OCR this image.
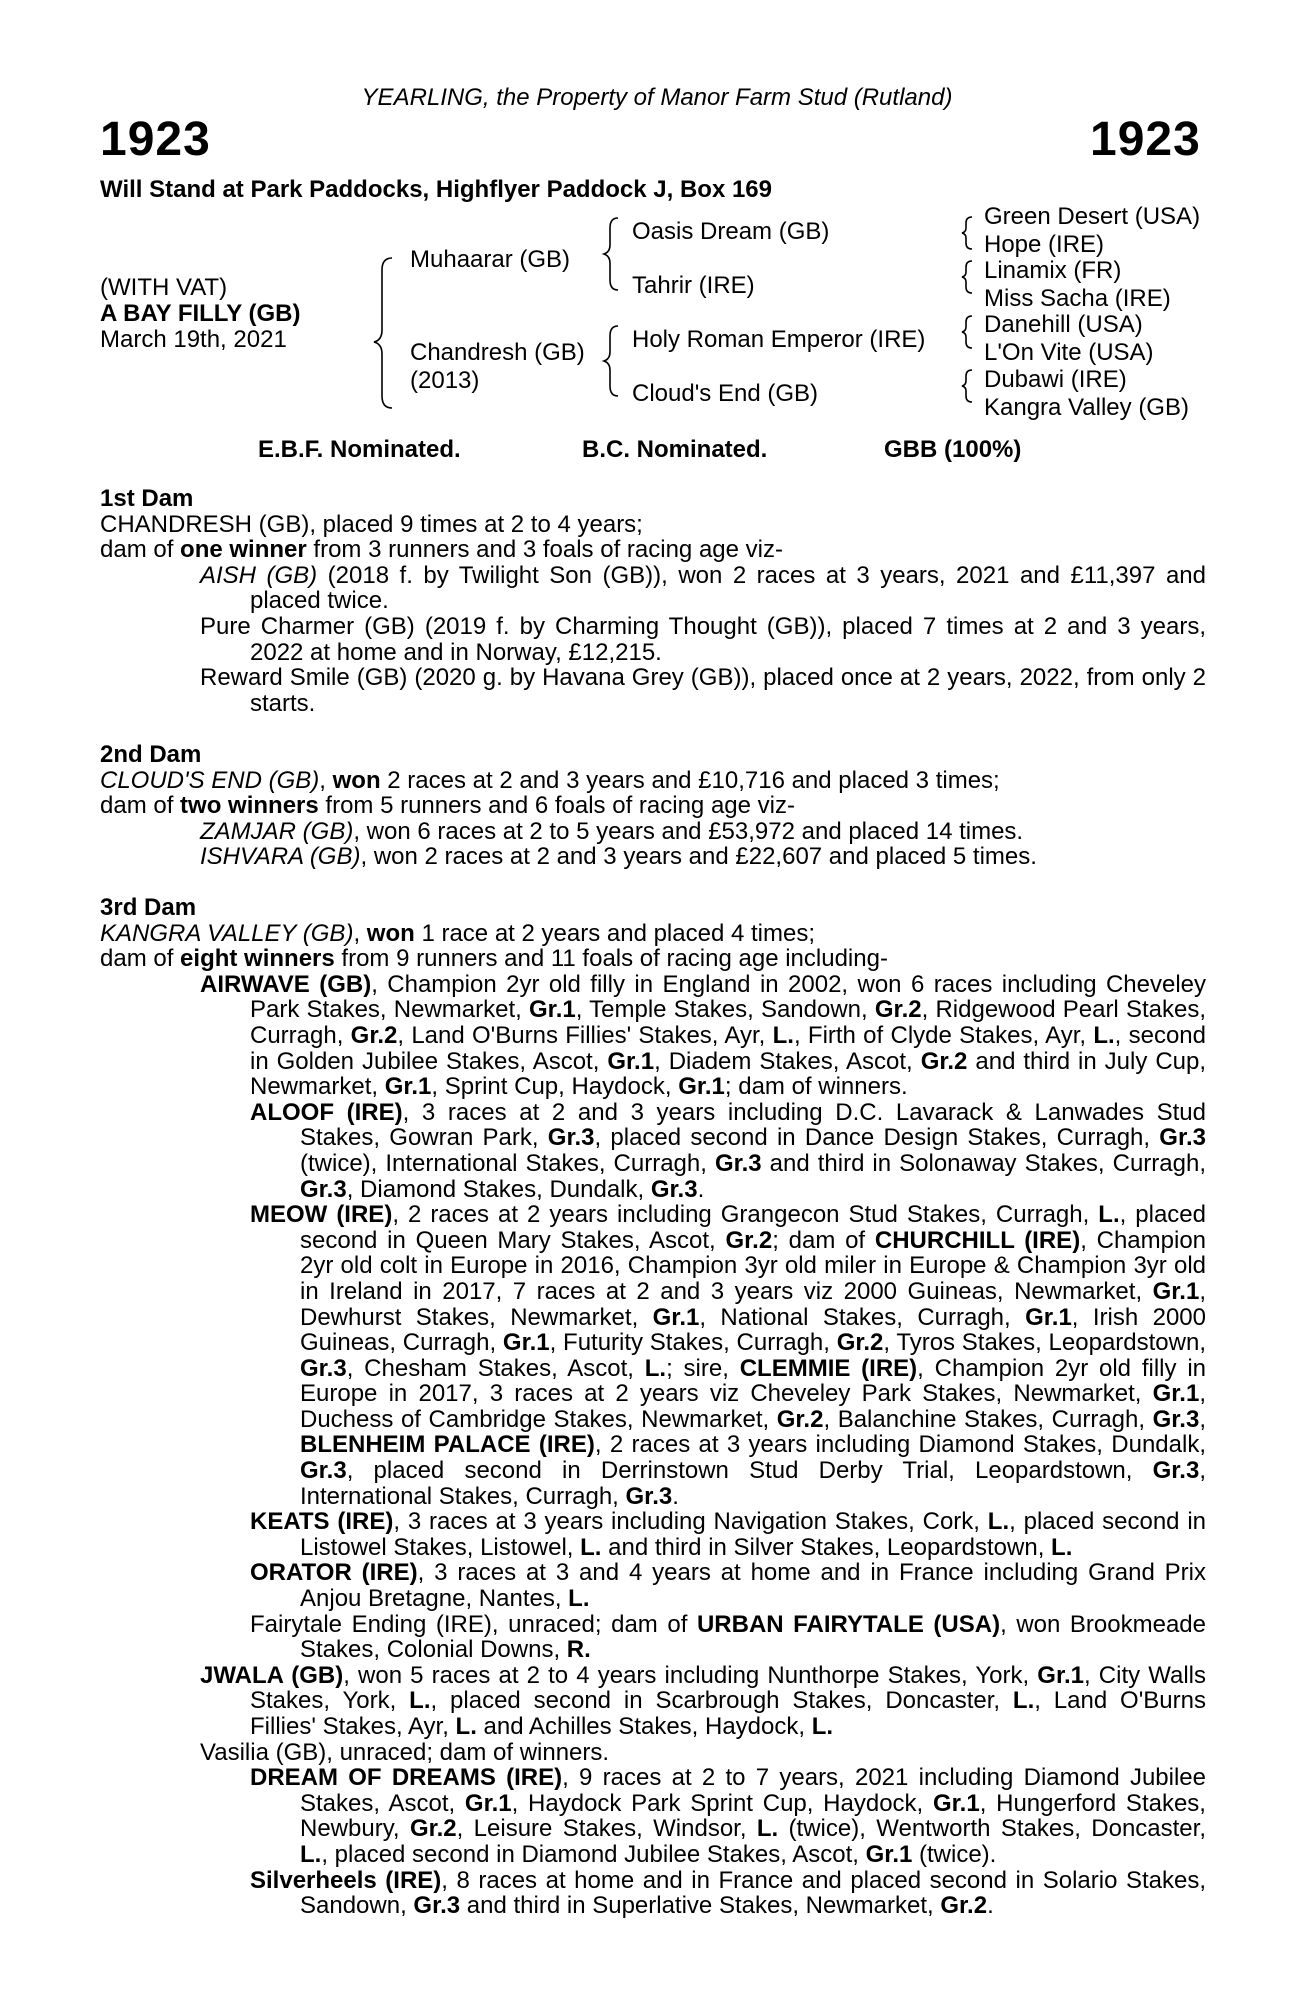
YEARLING, the Property of Manor Farm Stud (Rutland)
1923	1923
Will Stand at Park Paddocks, Highflyer Paddock J, Box 169
(WITH VAT)
A BAY FILLY (GB)
March 19th, 2021
Muhaarar (GB)
Chandresh (GB)
(2013)
Oasis Dream (GB)
Tahrir (IRE)
Holy Roman Emperor (IRE)
Cloud's End (GB)
Green Desert (USA)
Hope (IRE)
Linamix (FR)
Miss Sacha (IRE)
Danehill (USA)
L'On Vite (USA)
Dubawi (IRE)
Kangra Valley (GB)
E.B.F. Nominated.	B.C. Nominated.	GBB (100%)

1st Dam

CHANDRESH (GB), placed 9 times at 2 to 4 years;

dam of one winner from 3 runners and 3 foals of racing age viz-

AISH (GB) (2018 f. by Twilight Son (GB)), won 2 races at 3 years, 2021 and £11,397 and placed twice.

Pure Charmer (GB) (2019 f. by Charming Thought (GB)), placed 7 times at 2 and 3 years, 2022 at home and in Norway, £12,215.

Reward Smile (GB) (2020 g. by Havana Grey (GB)), placed once at 2 years, 2022, from only 2 starts.

2nd Dam

CLOUD'S END (GB), won 2 races at 2 and 3 years and £10,716 and placed 3 times;

dam of two winners from 5 runners and 6 foals of racing age viz-

ZAMJAR (GB), won 6 races at 2 to 5 years and £53,972 and placed 14 times.

ISHVARA (GB), won 2 races at 2 and 3 years and £22,607 and placed 5 times.

3rd Dam

KANGRA VALLEY (GB), won 1 race at 2 years and placed 4 times;

dam of eight winners from 9 runners and 11 foals of racing age including-

AIRWAVE (GB), Champion 2yr old filly in England in 2002, won 6 races including Cheveley Park Stakes, Newmarket, Gr.1, Temple Stakes, Sandown, Gr.2, Ridgewood Pearl Stakes, Curragh, Gr.2, Land O'Burns Fillies' Stakes, Ayr, L., Firth of Clyde Stakes, Ayr, L., second in Golden Jubilee Stakes, Ascot, Gr.1, Diadem Stakes, Ascot, Gr.2 and third in July Cup, Newmarket, Gr.1, Sprint Cup, Haydock, Gr.1; dam of winners.

ALOOF (IRE), 3 races at 2 and 3 years including D.C. Lavarack & Lanwades Stud Stakes, Gowran Park, Gr.3, placed second in Dance Design Stakes, Curragh, Gr.3 (twice), International Stakes, Curragh, Gr.3 and third in Solonaway Stakes, Curragh, Gr.3, Diamond Stakes, Dundalk, Gr.3.

MEOW (IRE), 2 races at 2 years including Grangecon Stud Stakes, Curragh, L., placed second in Queen Mary Stakes, Ascot, Gr.2; dam of CHURCHILL (IRE), Champion 2yr old colt in Europe in 2016, Champion 3yr old miler in Europe & Champion 3yr old in Ireland in 2017, 7 races at 2 and 3 years viz 2000 Guineas, Newmarket, Gr.1, Dewhurst Stakes, Newmarket, Gr.1, National Stakes, Curragh, Gr.1, Irish 2000 Guineas, Curragh, Gr.1, Futurity Stakes, Curragh, Gr.2, Tyros Stakes, Leopardstown, Gr.3, Chesham Stakes, Ascot, L.; sire, CLEMMIE (IRE), Champion 2yr old filly in Europe in 2017, 3 races at 2 years viz Cheveley Park Stakes, Newmarket, Gr.1, Duchess of Cambridge Stakes, Newmarket, Gr.2, Balanchine Stakes, Curragh, Gr.3, BLENHEIM PALACE (IRE), 2 races at 3 years including Diamond Stakes, Dundalk, Gr.3, placed second in Derrinstown Stud Derby Trial, Leopardstown, Gr.3, International Stakes, Curragh, Gr.3.

KEATS (IRE), 3 races at 3 years including Navigation Stakes, Cork, L., placed second in Listowel Stakes, Listowel, L. and third in Silver Stakes, Leopardstown, L.

ORATOR (IRE), 3 races at 3 and 4 years at home and in France including Grand Prix Anjou Bretagne, Nantes, L.

Fairytale Ending (IRE), unraced; dam of URBAN FAIRYTALE (USA), won Brookmeade Stakes, Colonial Downs, R.

JWALA (GB), won 5 races at 2 to 4 years including Nunthorpe Stakes, York, Gr.1, City Walls Stakes, York, L., placed second in Scarbrough Stakes, Doncaster, L., Land O'Burns Fillies' Stakes, Ayr, L. and Achilles Stakes, Haydock, L.

Vasilia (GB), unraced; dam of winners.

DREAM OF DREAMS (IRE), 9 races at 2 to 7 years, 2021 including Diamond Jubilee Stakes, Ascot, Gr.1, Haydock Park Sprint Cup, Haydock, Gr.1, Hungerford Stakes, Newbury, Gr.2, Leisure Stakes, Windsor, L. (twice), Wentworth Stakes, Doncaster, L., placed second in Diamond Jubilee Stakes, Ascot, Gr.1 (twice).

Silverheels (IRE), 8 races at home and in France and placed second in Solario Stakes, Sandown, Gr.3 and third in Superlative Stakes, Newmarket, Gr.2.
